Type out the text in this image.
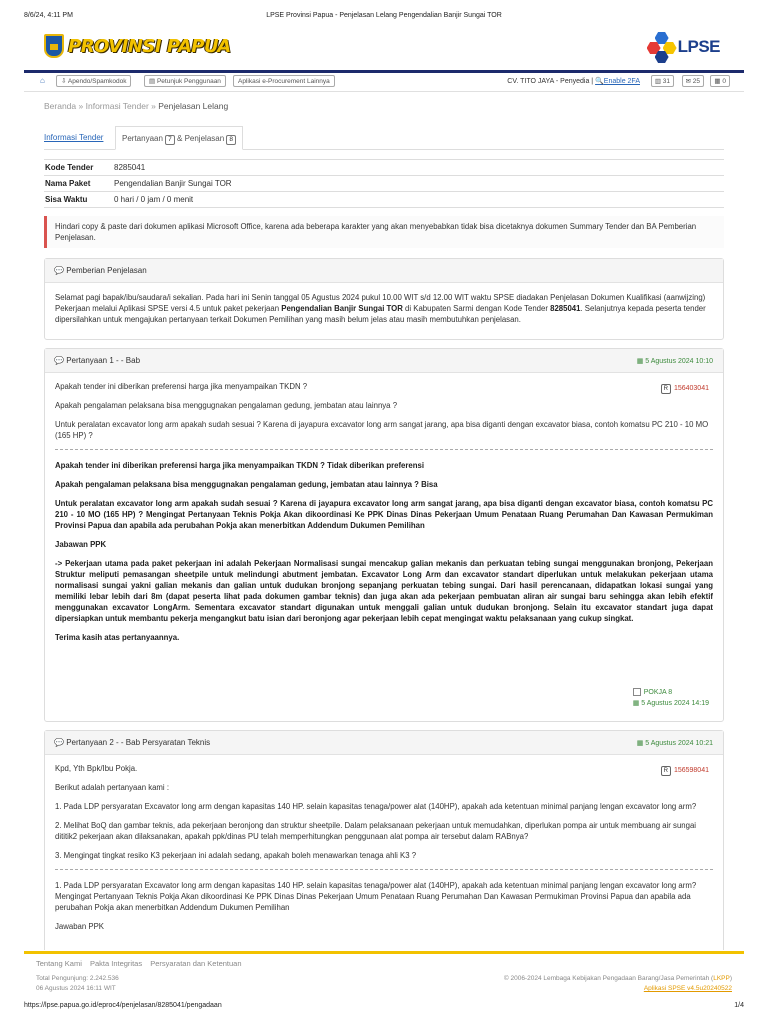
8/6/24, 4:11 PM	LPSE Provinsi Papua - Penjelasan Lelang Pengendalian Banjir Sungai TOR
PROVINSI PAPUA	LPSE
⌂	⇩ Apendo/Spamkodok	▤ Petunjuk Penggunaan	Aplikasi e-Procurement Lainnya	CV. TITO JAYA - Penyedia | 🔍Enable 2FA	▥ 31	✉ 25	▦ 0
Beranda » Informasi Tender » Penjelasan Lelang
Informasi Tender	Pertanyaan 7 & Penjelasan 8
Kode Tender	8285041
Nama Paket	Pengendalian Banjir Sungai TOR
Sisa Waktu	0 hari / 0 jam / 0 menit
Hindari copy & paste dari dokumen aplikasi Microsoft Office, karena ada beberapa karakter yang akan menyebabkan tidak bisa dicetaknya dokumen Summary Tender dan BA Pemberian Penjelasan.
💬 Pemberian Penjelasan

Selamat pagi bapak/ibu/saudara/i sekalian. Pada hari ini Senin tanggal 05 Agustus 2024 pukul 10.00 WIT s/d 12.00 WIT waktu SPSE diadakan Penjelasan Dokumen Kualifikasi (aanwijzing) Pekerjaan melalui Aplikasi SPSE versi 4.5 untuk paket pekerjaan Pengendalian Banjir Sungai TOR di Kabupaten Sarmi dengan Kode Tender 8285041. Selanjutnya kepada peserta tender dipersilahkan untuk mengajukan pertanyaan terkait Dokumen Pemilihan yang masih belum jelas atau masih membutuhkan penjelasan.

💬 Pertanyaan 1 - - Bab	▦ 5 Agustus 2024 10:10
R 156403041

Apakah tender ini diberikan preferensi harga jika menyampaikan TKDN ?

Apakah pengalaman pelaksana bisa menggugnakan pengalaman gedung, jembatan atau lainnya ?

Untuk peralatan excavator long arm apakah sudah sesuai ? Karena di jayapura excavator long arm sangat jarang, apa bisa diganti dengan excavator biasa, contoh komatsu PC 210 - 10 MO (165 HP) ?

Apakah tender ini diberikan preferensi harga jika menyampaikan TKDN ? Tidak diberikan preferensi

Apakah pengalaman pelaksana bisa menggugnakan pengalaman gedung, jembatan atau lainnya ? Bisa

Untuk peralatan excavator long arm apakah sudah sesuai ? Karena di jayapura excavator long arm sangat jarang, apa bisa diganti dengan excavator biasa, contoh komatsu PC 210 - 10 MO (165 HP) ? Mengingat Pertanyaan Teknis Pokja Akan dikoordinasi Ke PPK Dinas Dinas Pekerjaan Umum Penataan Ruang Perumahan Dan Kawasan Permukiman Provinsi Papua dan apabila ada perubahan Pokja akan menerbitkan Addendum Dukumen Pemilihan

Jabawan PPK

-> Pekerjaan utama pada paket pekerjaan ini adalah Pekerjaan Normalisasi sungai mencakup galian mekanis dan perkuatan tebing sungai menggunakan bronjong, Pekerjaan Struktur meliputi pemasangan sheetpile untuk melindungi abutment jembatan. Excavator Long Arm dan excavator standart diperlukan untuk melakukan pekerjaan utama normalisasi sungai yakni galian mekanis dan galian untuk dudukan bronjong sepanjang perkuatan tebing sungai. Dari hasil perencanaan, didapatkan lokasi sungai yang memiliki lebar lebih dari 8m (dapat peserta lihat pada dokumen gambar teknis) dan juga akan ada pekerjaan pembuatan aliran air sungai baru sehingga akan lebih efektif menggunakan excavator LongArm. Sementara excavator standart digunakan untuk menggali galian untuk dudukan bronjong. Selain itu excavator standart juga dapat dipersiapkan untuk membantu pekerja mengangkut batu isian dari beronjong agar pekerjaan lebih cepat mengingat waktu pelaksanaan yang cukup singkat.

Terima kasih atas pertanyaannya.

POKJA 8
▦ 5 Agustus 2024 14:19
💬 Pertanyaan 2 - - Bab Persyaratan Teknis	▦ 5 Agustus 2024 10:21
R 156598041

Kpd, Yth Bpk/Ibu Pokja.

Berikut adalah pertanyaan kami :

1. Pada LDP persyaratan Excavator long arm dengan kapasitas 140 HP. selain kapasitas tenaga/power alat (140HP), apakah ada ketentuan minimal panjang lengan excavator long arm?

2. Melihat BoQ dan gambar teknis, ada pekerjaan beronjong dan struktur sheetpile. Dalam pelaksanaan pekerjaan untuk memudahkan, diperlukan pompa air untuk membuang air sungai dititik2 pekerjaan akan dilaksanakan, apakah ppk/dinas PU telah memperhitungkan penggunaan alat pompa air tersebut dalam RABnya?

3. Mengingat tingkat resiko K3 pekerjaan ini adalah sedang, apakah boleh menawarkan tenaga ahli K3 ?

1. Pada LDP persyaratan Excavator long arm dengan kapasitas 140 HP. selain kapasitas tenaga/power alat (140HP), apakah ada ketentuan minimal panjang lengan excavator long arm? Mengingat Pertanyaan Teknis Pokja Akan dikoordinasi Ke PPK Dinas Dinas Pekerjaan Umum Penataan Ruang Perumahan Dan Kawasan Permukiman Provinsi Papua dan apabila ada perubahan Pokja akan menerbitkan Addendum Dukumen Pemilihan

Jawaban PPK

Tentang Kami Pakta Integritas Persyaratan dan Ketentuan
Total Pengunjung: 2.242.536
06 Agustus 2024 16:11 WIT
© 2006-2024 Lembaga Kebijakan Pengadaan Barang/Jasa Pemerintah (LKPP)
Aplikasi SPSE v4.5u20240522
https://lpse.papua.go.id/eproc4/penjelasan/8285041/pengadaan	1/4
